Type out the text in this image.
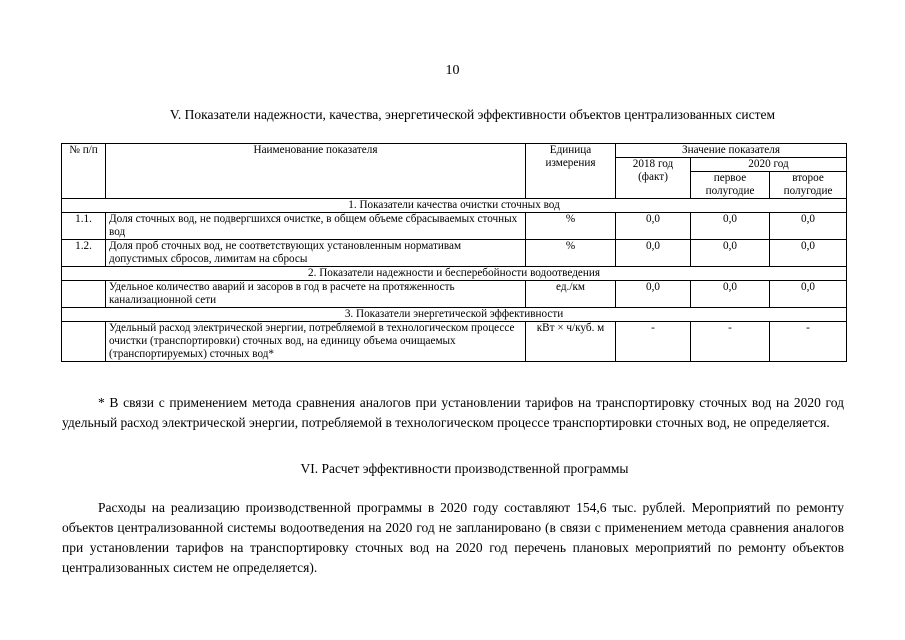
10
V. Показатели надежности, качества, энергетической эффективности объектов централизованных систем
№ п/п	Наименование показателя	Единица измерения	Значение показателя		
			2018 год (факт)	2020 год	
				первое полугодие	второе полугодие
1. Показатели качества очистки сточных вод					
1.1.	Доля сточных вод, не подвергшихся очистке, в общем объеме сбрасываемых сточных вод	%	0,0	0,0	0,0
1.2.	Доля проб сточных вод, не соответствующих установленным нормативам допустимых сбросов, лимитам на сбросы	%	0,0	0,0	0,0
2. Показатели надежности и бесперебойности водоотведения					
	Удельное количество аварий и засоров в год в расчете на протяженность канализационной сети	ед./км	0,0	0,0	0,0
3. Показатели энергетической эффективности					
	Удельный расход электрической энергии, потребляемой в технологическом процессе очистки (транспортировки) сточных вод, на единицу объема очищаемых (транспортируемых) сточных вод*	кВт × ч/куб. м	-	-	-

* В связи с применением метода сравнения аналогов при установлении тарифов на транспортировку сточных вод на 2020 год удельный расход электрической энергии, потребляемой в технологическом процессе транспортировки сточных вод, не определяется.

VI. Расчет эффективности производственной программы

Расходы на реализацию производственной программы в 2020 году составляют 154,6 тыс. рублей. Мероприятий по ремонту объектов централизованной системы водоотведения на 2020 год не запланировано (в связи с применением метода сравнения аналогов при установлении тарифов на транспортировку сточных вод на 2020 год перечень плановых мероприятий по ремонту объектов централизованных систем не определяется).
